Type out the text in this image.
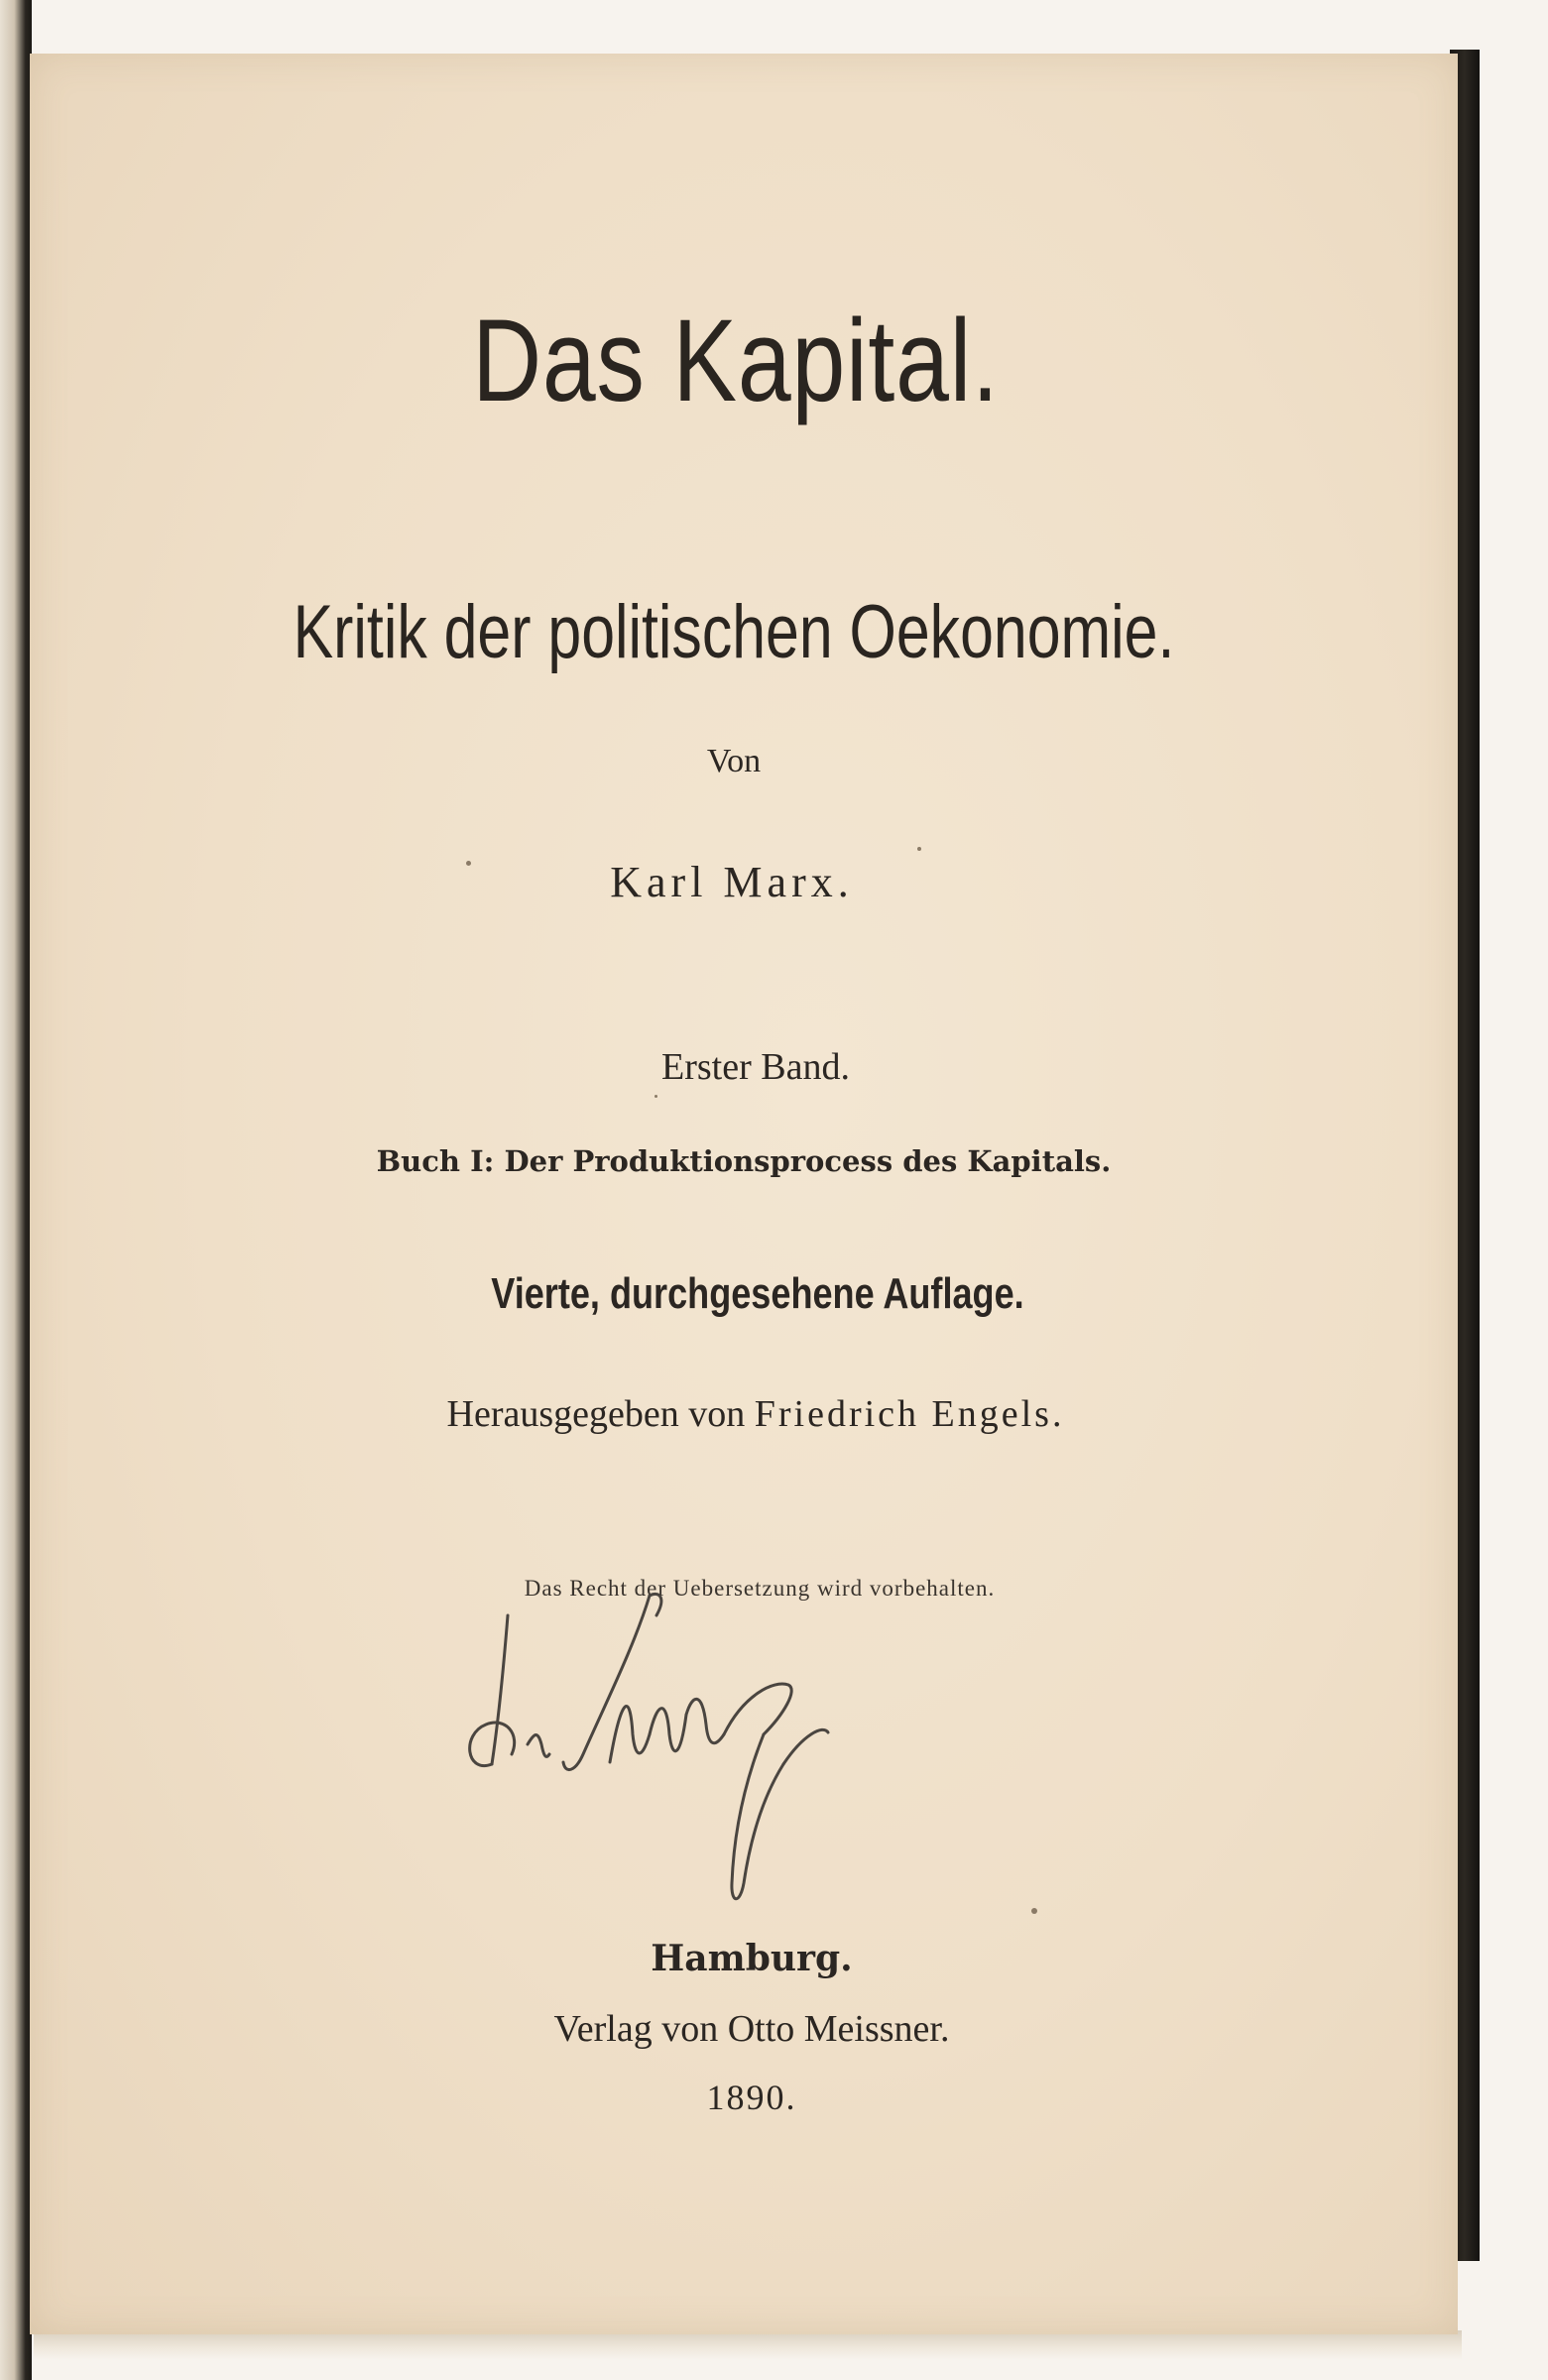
Das Kapital.
Kritik der politischen Oekonomie.
Von
Karl Marx.
Erster Band.
Buch I: Der Produktionsprocess des Kapitals.
Vierte, durchgesehene Auflage.
Herausgegeben von Friedrich Engels.
Das Recht der Uebersetzung wird vorbehalten.
Dr Seng
Hamburg.
Verlag von Otto Meissner.
1890.
